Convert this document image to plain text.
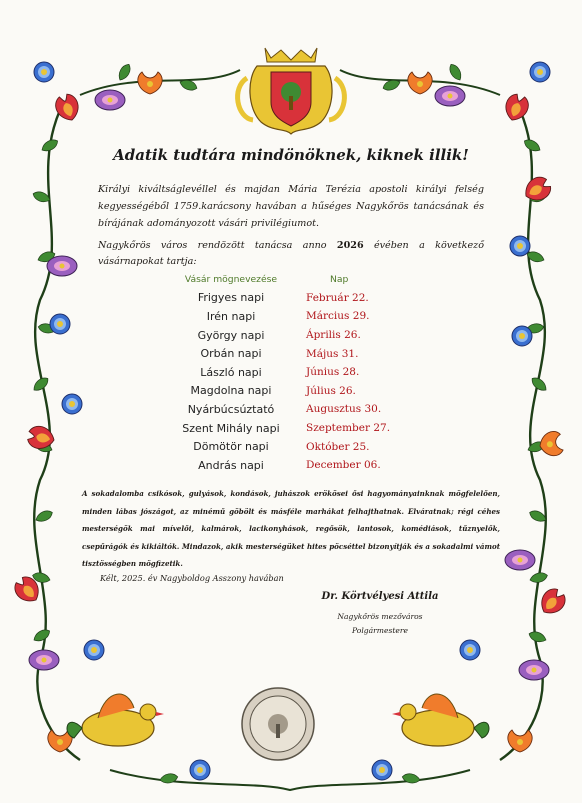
Adatik tudtára mindönöknek, kiknek illik!
Királyi kiváltságlevéllel és majdan Mária Terézia apostoli királyi felség kegyességéből 1759.karácsony havában a hűséges Nagykőrös tanácsának és bírájának adományozott vásári privilégiumot.
Nagykőrös város rendözött tanácsa anno 2026 évében a következő vásárnapokat tartja:
Vásár mögnevezése	Nap
Frigyes napi	Február 22.
Irén napi	Március 29.
György napi	Április 26.
Orbán napi	Május 31.
László napi	Június 28.
Magdolna napi	Július 26.
Nyárbúcsúztató	Augusztus 30.
Szent Mihály napi	Szeptember 27.
Dömötör napi	Október 25.
András napi	December 06.
A sokadalomba csikósok, gulyások, kondások, juhászok erökösei ősi hagyományainknak mögfelelően, minden lábas jószágot, az minémű göbölt és másféle marhákat felhajthatnak. Elváratnak; régi céhes mesterségök mai mívelői, kalmárok, lacikonyhások, regősök, lantosok, komédiások, tűznyelők, csepűrágók és kikiáltók. Mindazok, akik mesterségüket hites pöcséttel bizonyítják és a sokadalmi vámot tisztösségben mögfizetik.
Kélt, 2025. év Nagyboldog Asszony havában
Dr. Körtvélyesi Attila
Nagykőrös mezőváros
Polgármestere
